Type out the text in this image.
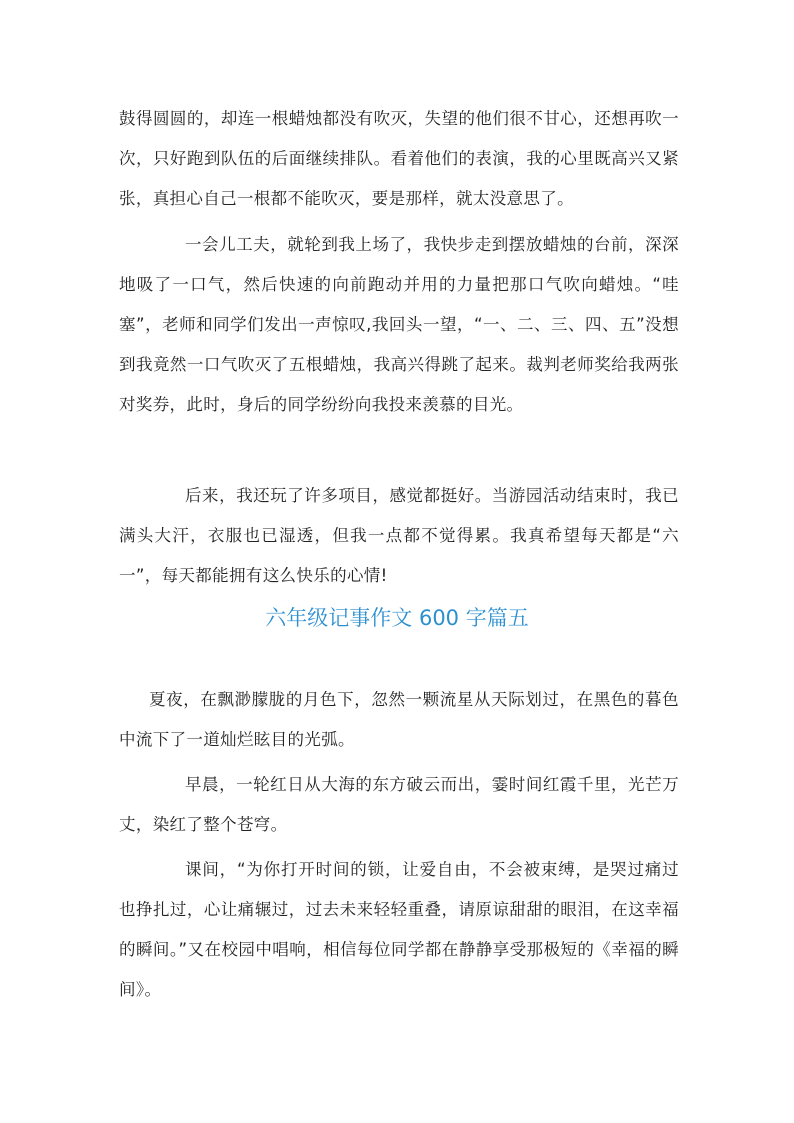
鼓得圆圆的，却连一根蜡烛都没有吹灭，失望的他们很不甘心，还想再吹一次，只好跑到队伍的后面继续排队。看着他们的表演，我的心里既高兴又紧张，真担心自己一根都不能吹灭，要是那样，就太没意思了。

一会儿工夫，就轮到我上场了，我快步走到摆放蜡烛的台前，深深地吸了一口气，然后快速的向前跑动并用的力量把那口气吹向蜡烛。“哇塞”，老师和同学们发出一声惊叹,我回头一望，“一、二、三、四、五”没想到我竟然一口气吹灭了五根蜡烛，我高兴得跳了起来。裁判老师奖给我两张对奖券，此时，身后的同学纷纷向我投来羡慕的目光。

后来，我还玩了许多项目，感觉都挺好。当游园活动结束时，我已满头大汗，衣服也已湿透，但我一点都不觉得累。我真希望每天都是“六一”，每天都能拥有这么快乐的心情!

六年级记事作文 600 字篇五

夏夜，在飘渺朦胧的月色下，忽然一颗流星从天际划过，在黑色的暮色中流下了一道灿烂眩目的光弧。

早晨，一轮红日从大海的东方破云而出，霎时间红霞千里，光芒万丈，染红了整个苍穹。

课间，“为你打开时间的锁，让爱自由，不会被束缚，是哭过痛过也挣扎过，心让痛辗过，过去未来轻轻重叠，请原谅甜甜的眼泪，在这幸福的瞬间。”又在校园中唱响，相信每位同学都在静静享受那极短的《幸福的瞬间》。
